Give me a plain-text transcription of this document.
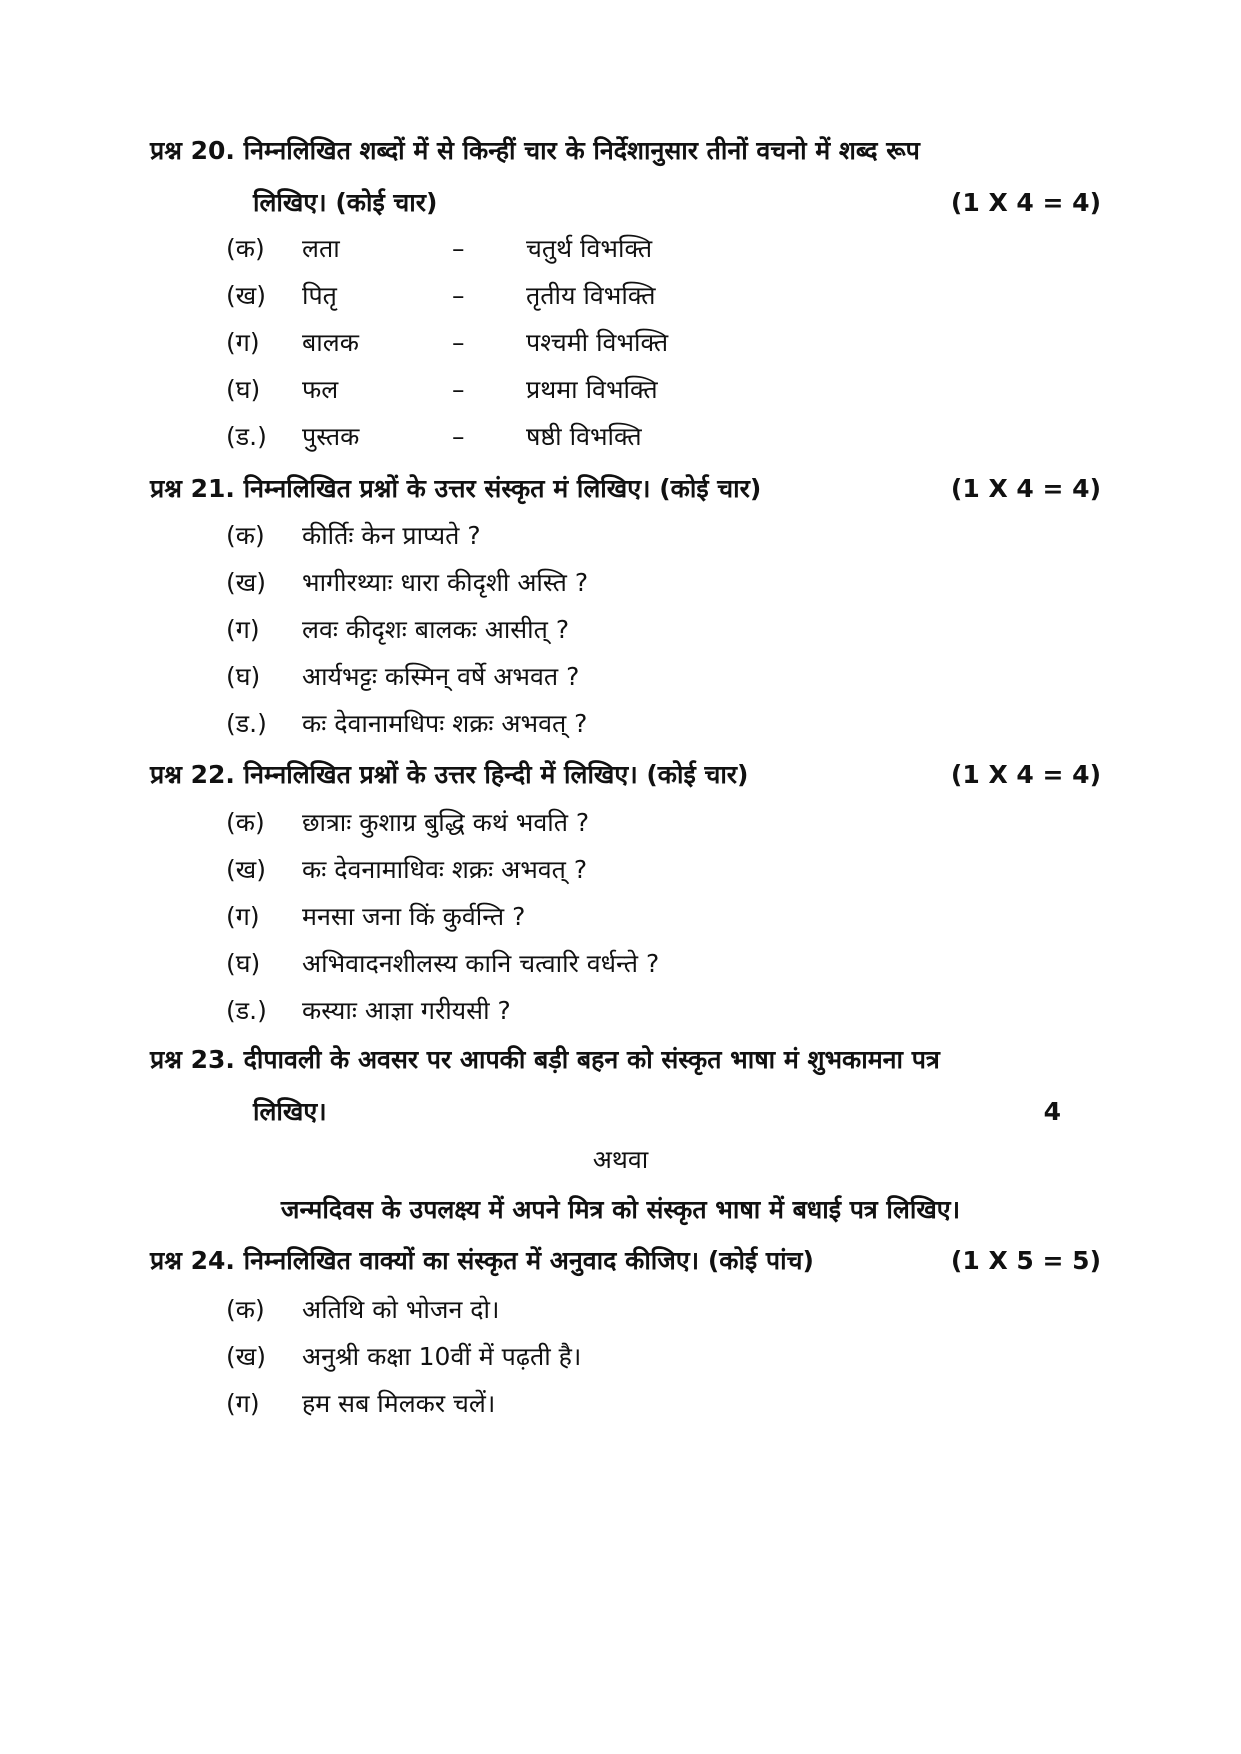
प्रश्न 20. निम्नलिखित शब्दों में से किन्हीं चार के निर्देशानुसार तीनों वचनो में शब्द रूप
लिखिए। (कोई चार)	(1 X 4 = 4)
(क) लता	– चतुर्थ विभक्ति
(ख) पितृ	– तृतीय विभक्ति
(ग) बालक	– पश्चमी विभक्ति
(घ) फल	– प्रथमा विभक्ति
(ड.) पुस्तक	– षष्ठी विभक्ति
प्रश्न 21. निम्नलिखित प्रश्नों के उत्तर संस्कृत मं लिखिए। (कोई चार)	(1 X 4 = 4)
(क) कीर्तिः केन प्राप्यते ?
(ख) भागीरथ्याः धारा कीदृशी अस्ति ?
(ग) लवः कीदृशः बालकः आसीत् ?
(घ) आर्यभट्टः कस्मिन् वर्षे अभवत ?
(ड.) कः देवानामधिपः शक्रः अभवत् ?
प्रश्न 22. निम्नलिखित प्रश्नों के उत्तर हिन्दी में लिखिए। (कोई चार)	(1 X 4 = 4)
(क) छात्राः कुशाग्र बुद्धि कथं भवति ?
(ख) कः देवनामाधिवः शक्रः अभवत् ?
(ग) मनसा जना किं कुर्वन्ति ?
(घ) अभिवादनशीलस्य कानि चत्वारि वर्धन्ते ?
(ड.) कस्याः आज्ञा गरीयसी ?
प्रश्न 23. दीपावली के अवसर पर आपकी बड़ी बहन को संस्कृत भाषा मं शुभकामना पत्र
लिखिए।	4
अथवा
जन्मदिवस के उपलक्ष्य में अपने मित्र को संस्कृत भाषा में बधाई पत्र लिखिए।
प्रश्न 24. निम्नलिखित वाक्यों का संस्कृत में अनुवाद कीजिए। (कोई पांच)	(1 X 5 = 5)
(क) अतिथि को भोजन दो।
(ख) अनुश्री कक्षा 10वीं में पढ़ती है।
(ग) हम सब मिलकर चलें।
